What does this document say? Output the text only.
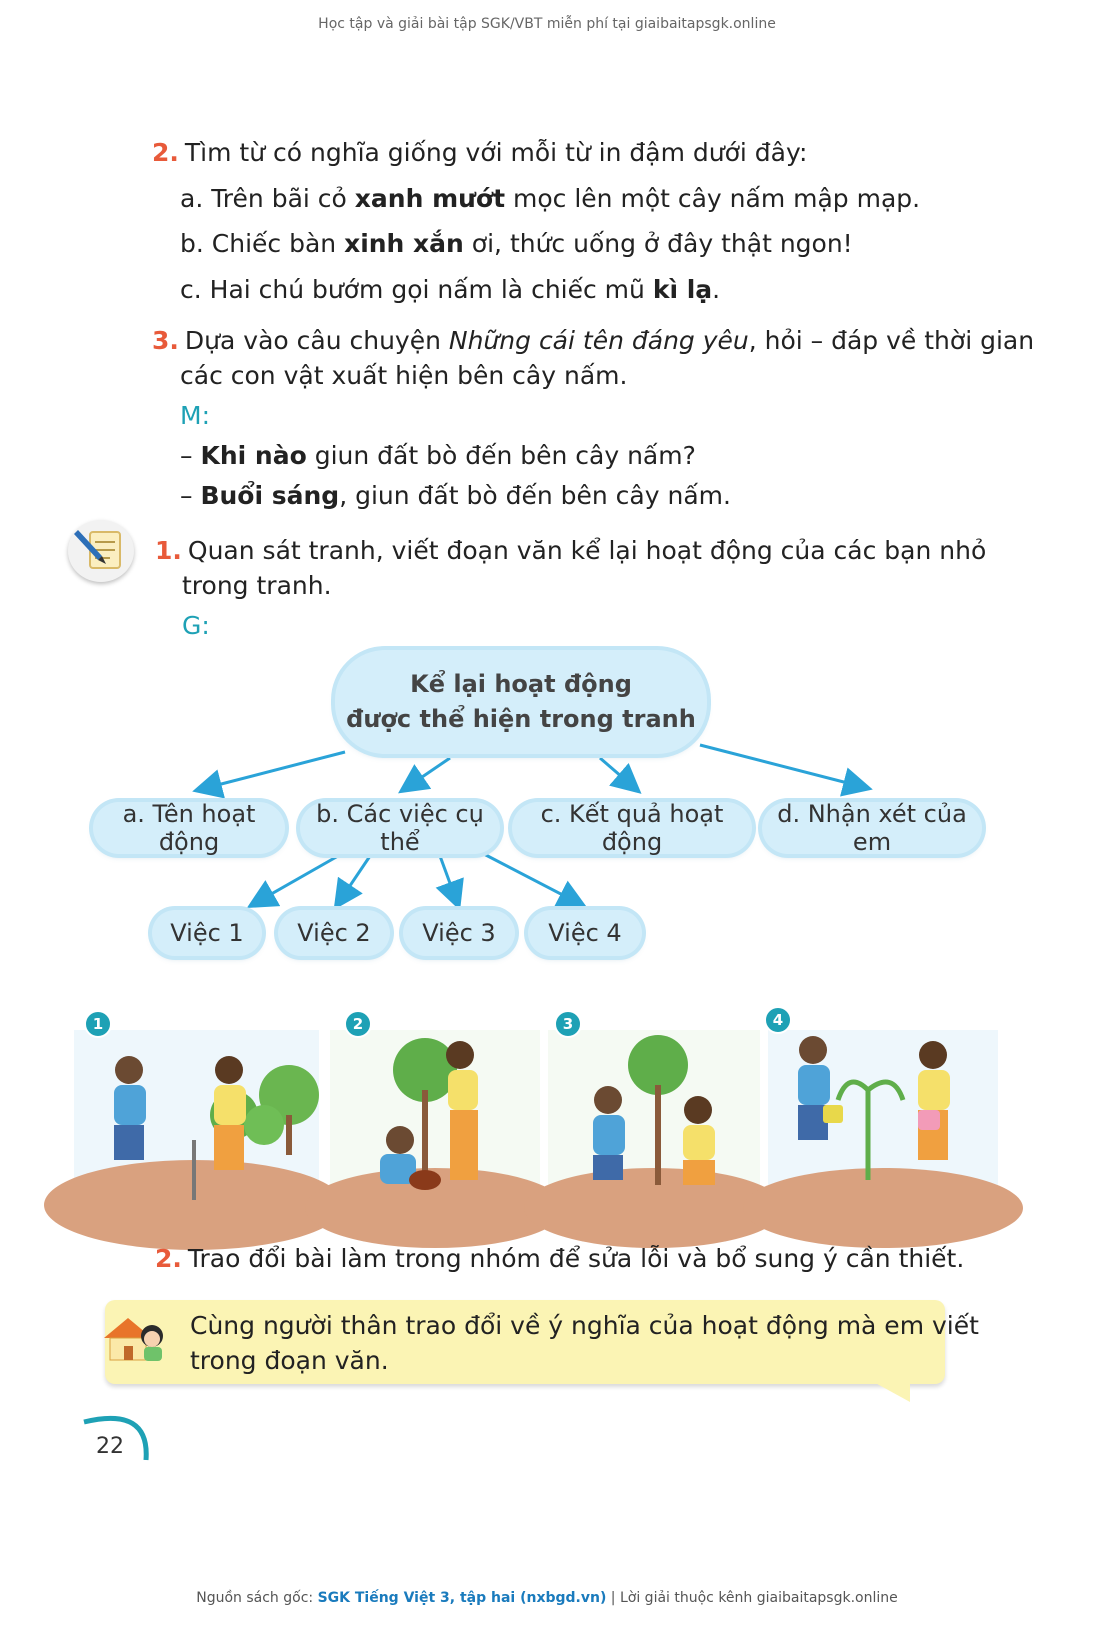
Học tập và giải bài tập SGK/VBT miễn phí tại giaibaitapsgk.online
2. Tìm từ có nghĩa giống với mỗi từ in đậm dưới đây:
a. Trên bãi cỏ xanh mướt mọc lên một cây nấm mập mạp.
b. Chiếc bàn xinh xắn ơi, thức uống ở đây thật ngon!
c. Hai chú bướm gọi nấm là chiếc mũ kì lạ.
3. Dựa vào câu chuyện Những cái tên đáng yêu, hỏi – đáp về thời gian
các con vật xuất hiện bên cây nấm.
M:
– Khi nào giun đất bò đến bên cây nấm?
– Buổi sáng, giun đất bò đến bên cây nấm.
1. Quan sát tranh, viết đoạn văn kể lại hoạt động của các bạn nhỏ
trong tranh.
G:
Kể lại hoạt động
được thể hiện trong tranh
a. Tên hoạt động
b. Các việc cụ thể
c. Kết quả hoạt động
d. Nhận xét của em
Việc 1	Việc 2	Việc 3	Việc 4
1	2	3	4
2. Trao đổi bài làm trong nhóm để sửa lỗi và bổ sung ý cần thiết.
Cùng người thân trao đổi về ý nghĩa của hoạt động mà em viết
trong đoạn văn.
22
Nguồn sách gốc: SGK Tiếng Việt 3, tập hai (nxbgd.vn) | Lời giải thuộc kênh giaibaitapsgk.online
